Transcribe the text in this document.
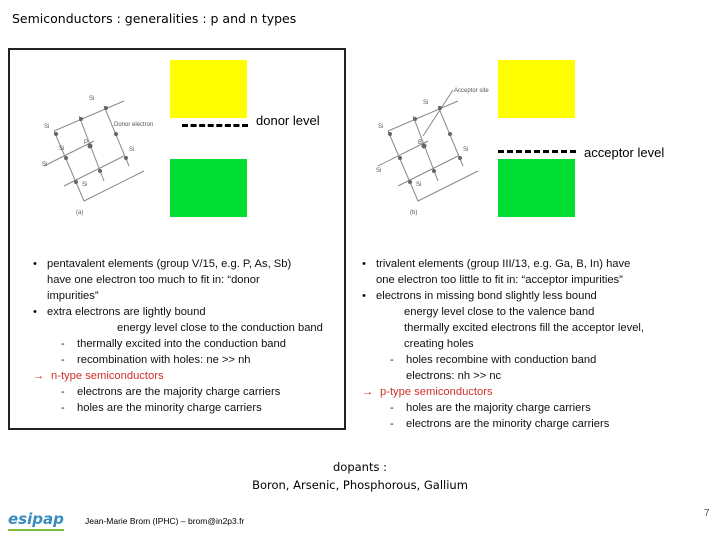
Semiconductors : generalities : p and n types
Si
Si
Si
Si
Si
Si
P
Donor electron
(a)
donor level
• pentavalent elements (group V/15, e.g. P, As, Sb)
have one electron too much to fit in: “donor
impurities”
• extra electrons are lightly bound
energy level close to the conduction band
- thermally excited into the conduction band
- recombination with holes: ne >> nh
→ n-type semiconductors
- electrons are the majority charge carriers
- holes are the minority charge carriers
Acceptor site
Si
Si
Si
Si
Si
B
(b)
acceptor level
• trivalent elements (group III/13, e.g. Ga, B, In) have
one electron too little to fit in: “acceptor impurities”
• electrons in missing bond slightly less bound
energy level close to the valence band
thermally excited electrons fill the acceptor level,
creating holes
- holes recombine with conduction band
electrons: nh >> nc
→ p-type semiconductors
- holes are the majority charge carriers
- electrons are the minority charge carriers
dopants :
Boron, Arsenic, Phosphorous, Gallium
esipap Jean-Marie Brom (IPHC) – brom@in2p3.fr
7
